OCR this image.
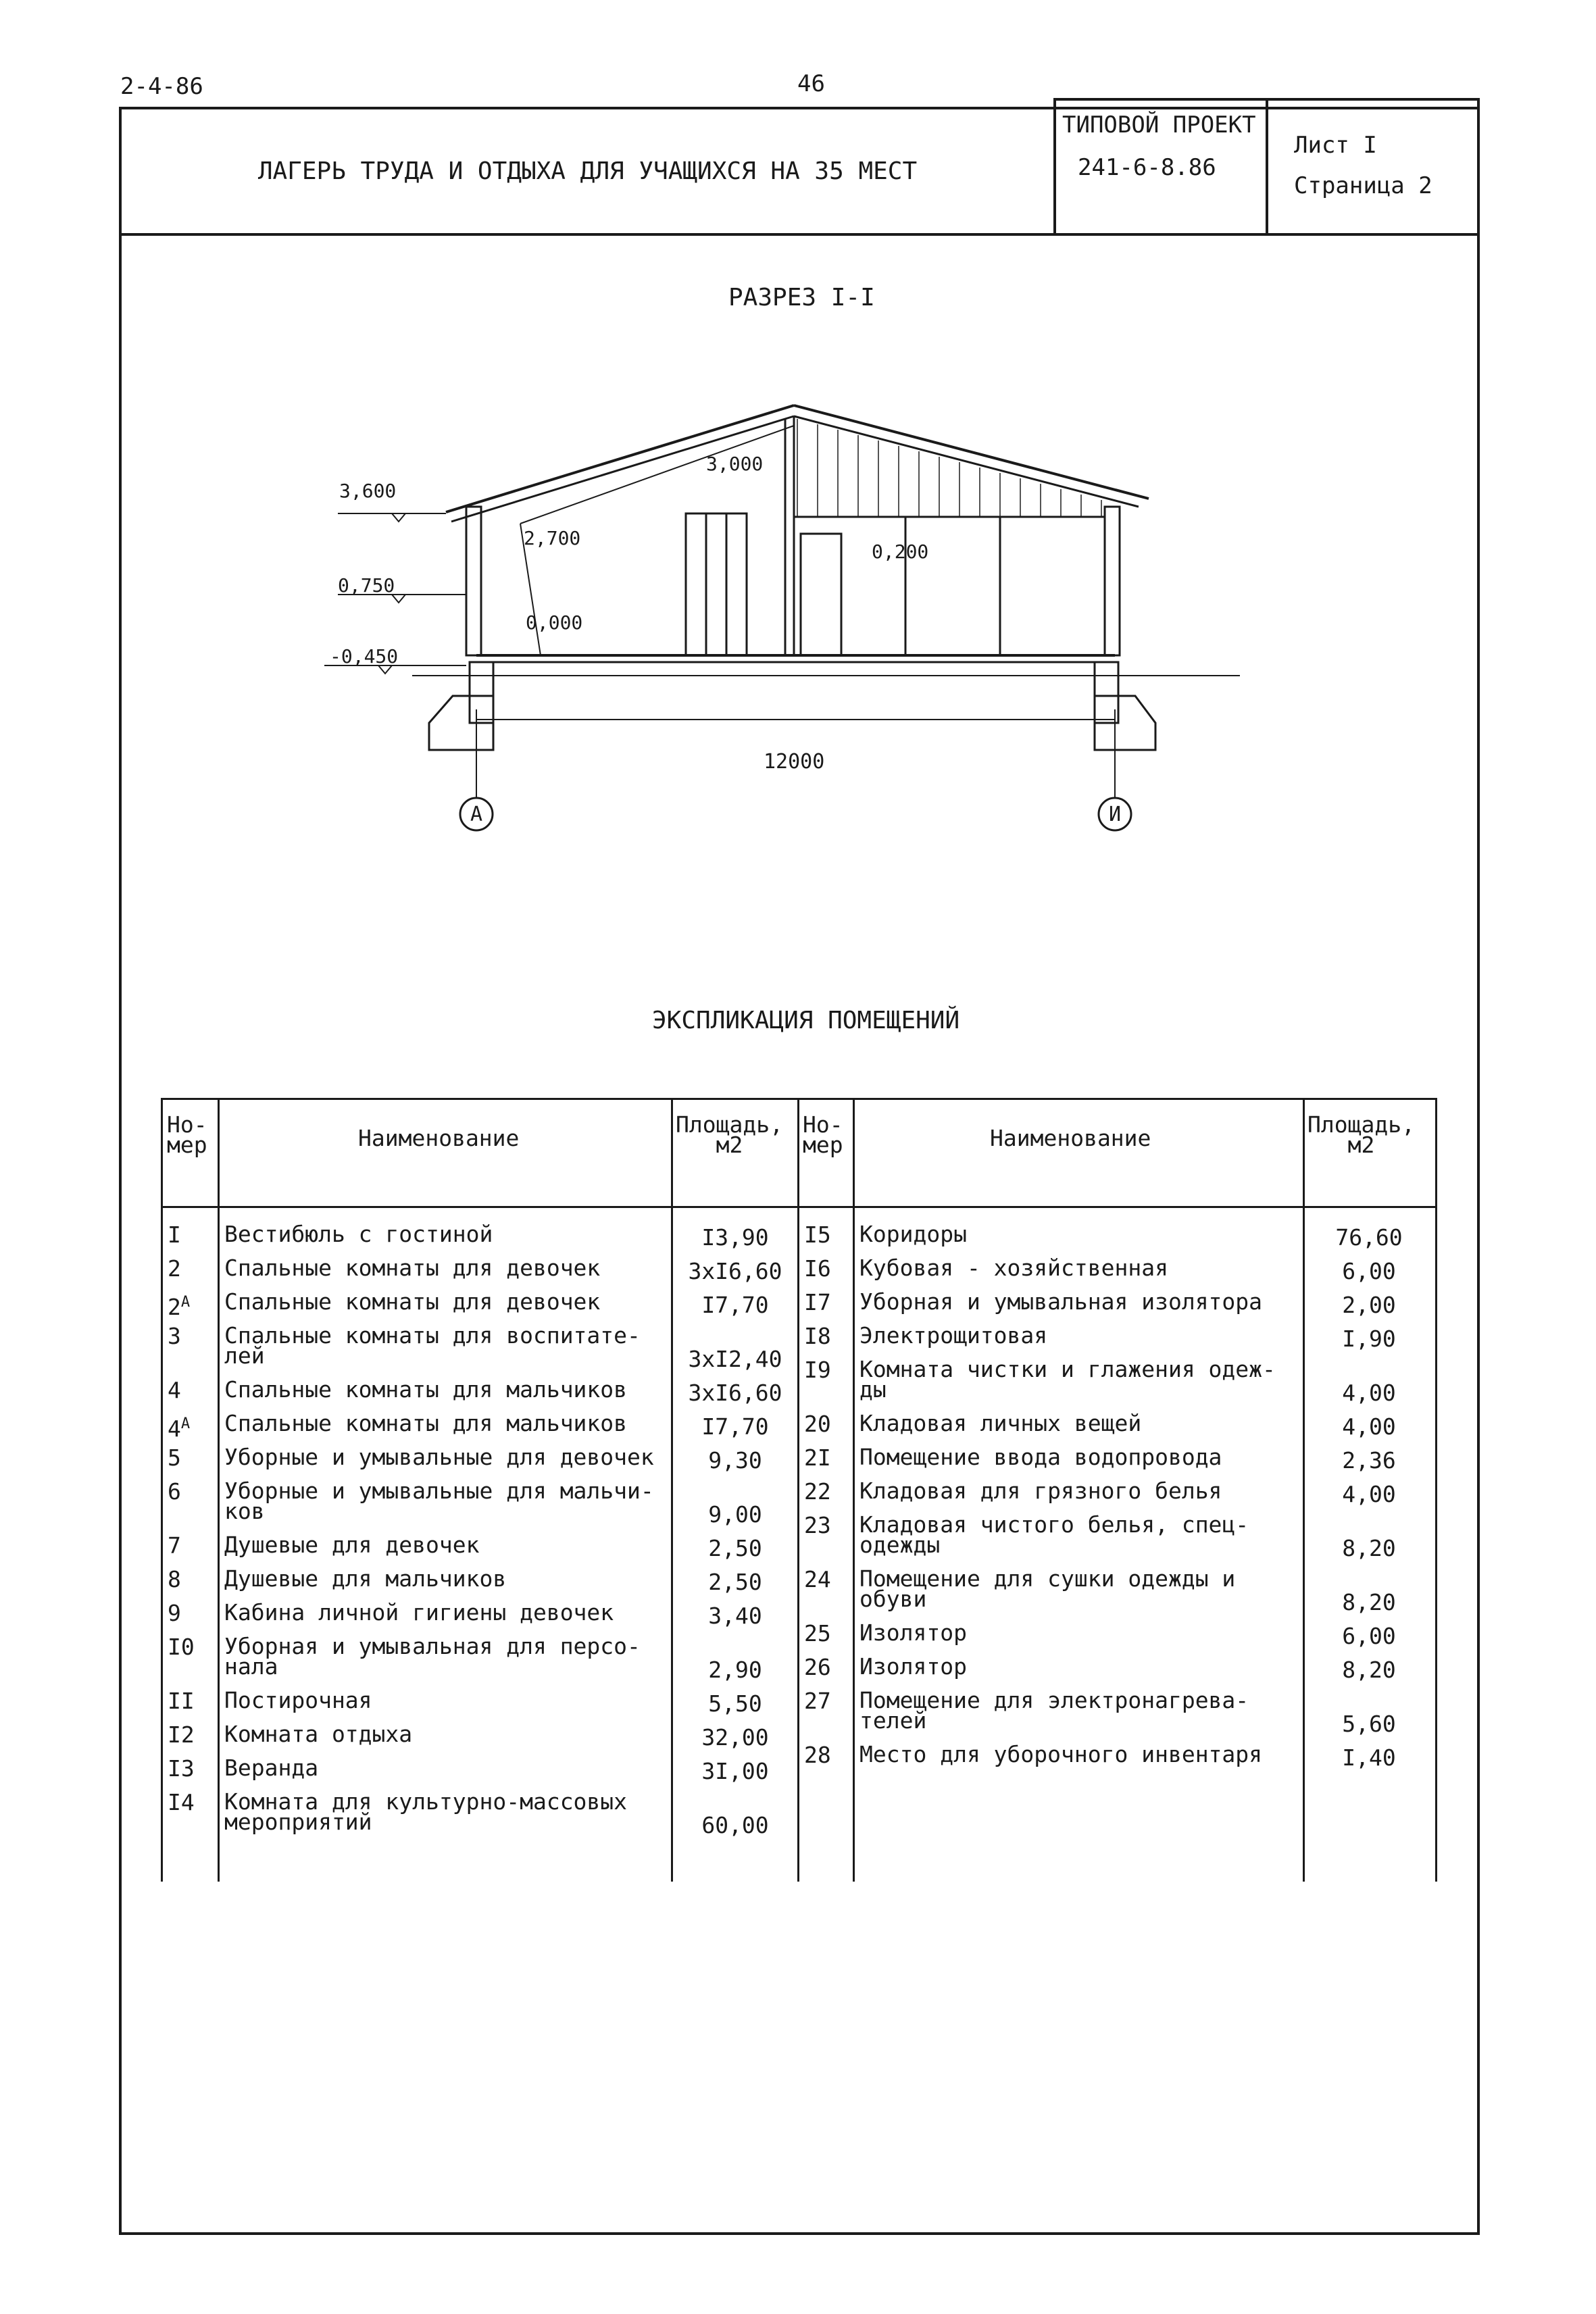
2-4-86	46
ЛАГЕРЬ ТРУДА И ОТДЫХА ДЛЯ УЧАЩИХСЯ НА 35 МЕСТ
ТИПОВОЙ ПРОЕКТ
241-6-8.86
Лист I
Страница 2
РАЗРЕЗ I-I
3,600
0,750
-0,450
2,700
0,000
3,000
0,200
12000
А	И
ЭКСПЛИКАЦИЯ ПОМЕЩЕНИЙ
Но-
мер	Наименование
Площадь,
м2
Но-
мер	Наименование
Площадь,
м2
I Вестибюль с гостиной	I3,90
2 Спальные комнаты для девочек	3xI6,60
$2^А$ Спальные комнаты для девочек	I7,70
3 Спальные комнаты для воспитате-
лей	3xI2,40
4 Спальные комнаты для мальчиков	3xI6,60
$4^А$ Спальные комнаты для мальчиков	I7,70
5 Уборные и умывальные для девочек	9,30
6 Уборные и умывальные для мальчи-
ков	9,00
7 Душевые для девочек	2,50
8 Душевые для мальчиков	2,50
9 Кабина личной гигиены девочек	3,40
I0 Уборная и умывальная для персо-
нала	2,90
II Постирочная	5,50
I2 Комната отдыха	32,00
I3 Веранда	3I,00
I4 Комната для культурно-массовых
мероприятий	60,00
I5 Коридоры	76,60
I6 Кубовая - хозяйственная	6,00
I7 Уборная и умывальная изолятора	2,00
I8 Электрощитовая	I,90
I9 Комната чистки и глажения одеж-
ды	4,00
20 Кладовая личных вещей	4,00
2I Помещение ввода водопровода	2,36
22 Кладовая для грязного белья	4,00
23 Кладовая чистого белья, спец-
одежды	8,20
24 Помещение для сушки одежды и
обуви	8,20
25 Изолятор	6,00
26 Изолятор	8,20
27 Помещение для электронагрева-
телей	5,60
28 Место для уборочного инвентаря	I,40
